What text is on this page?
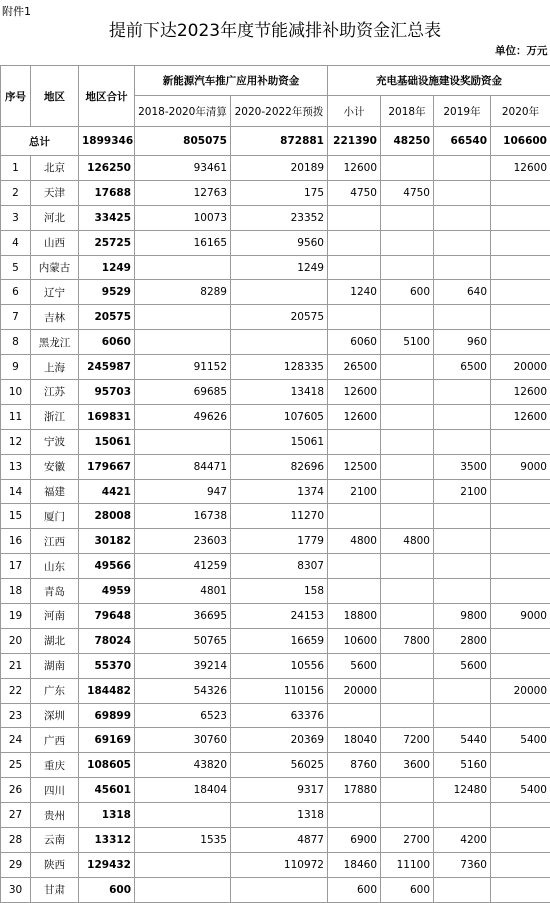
附件1
提前下达2023年度节能减排补助资金汇总表
单位：万元								
序号	地区	地区合计	新能源汽车推广应用补助资金		充电基础设施建设奖励资金			
			2018-2020年清算	2020-2022年预拨	小计	2018年	2019年	2020年
总计		1899346	805075	872881	221390	48250	66540	106600
1	北京	126250	93461	20189	12600			12600
2	天津	17688	12763	175	4750	4750		
3	河北	33425	10073	23352				
4	山西	25725	16165	9560				
5	内蒙古	1249		1249				
6	辽宁	9529	8289		1240	600	640	
7	吉林	20575		20575				
8	黑龙江	6060			6060	5100	960	
9	上海	245987	91152	128335	26500		6500	20000
10	江苏	95703	69685	13418	12600			12600
11	浙江	169831	49626	107605	12600			12600
12	宁波	15061		15061				
13	安徽	179667	84471	82696	12500		3500	9000
14	福建	4421	947	1374	2100		2100	
15	厦门	28008	16738	11270				
16	江西	30182	23603	1779	4800	4800		
17	山东	49566	41259	8307				
18	青岛	4959	4801	158				
19	河南	79648	36695	24153	18800		9800	9000
20	湖北	78024	50765	16659	10600	7800	2800	
21	湖南	55370	39214	10556	5600		5600	
22	广东	184482	54326	110156	20000			20000
23	深圳	69899	6523	63376				
24	广西	69169	30760	20369	18040	7200	5440	5400
25	重庆	108605	43820	56025	8760	3600	5160	
26	四川	45601	18404	9317	17880		12480	5400
27	贵州	1318		1318				
28	云南	13312	1535	4877	6900	2700	4200	
29	陕西	129432		110972	18460	11100	7360	
30	甘肃	600			600	600		
